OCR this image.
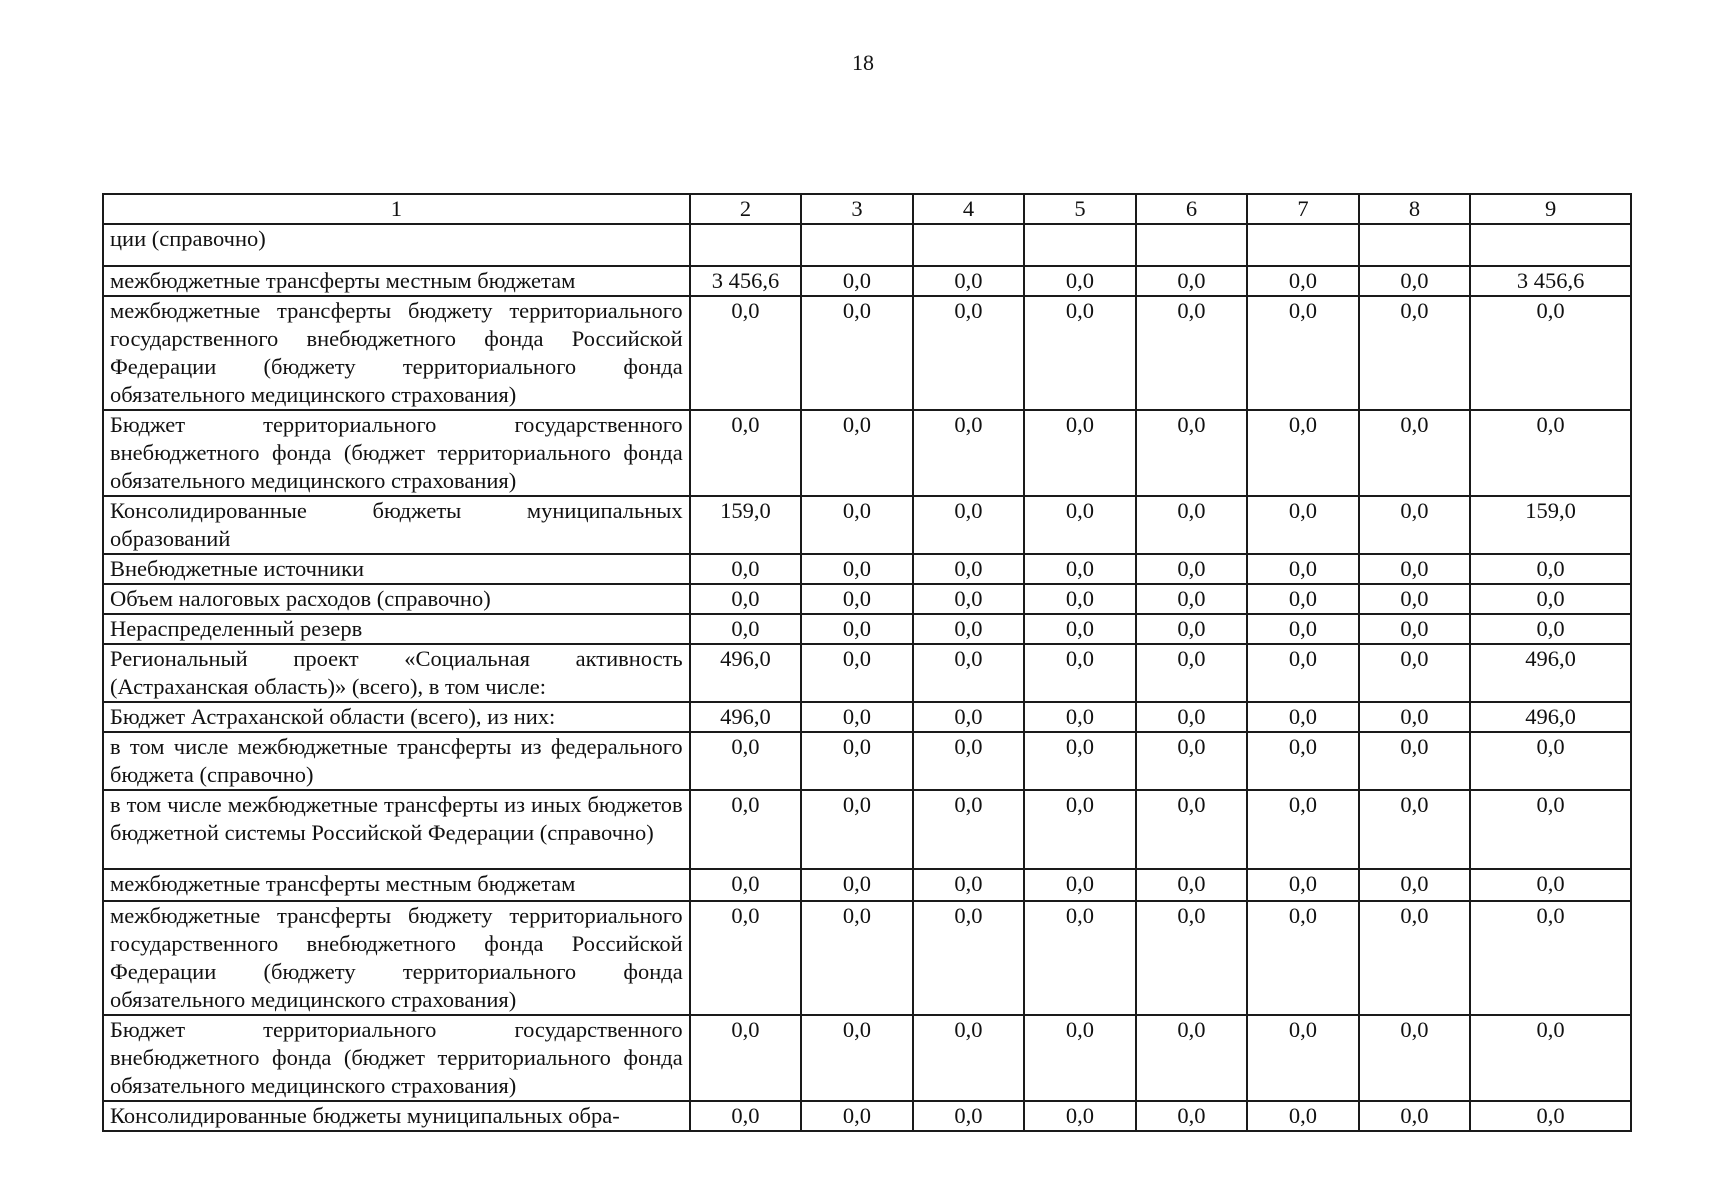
18
1	2	3	4	5	6	7	8	9
ции (справочно)								
межбюджетные трансферты местным бюджетам	3 456,6	0,0	0,0	0,0	0,0	0,0	0,0	3 456,6
межбюджетные трансферты бюджету территориального государственного внебюджетного фонда Российской Федерации (бюджету территориального фонда обязательного медицинского страхования)	0,0	0,0	0,0	0,0	0,0	0,0	0,0	0,0
Бюджет территориального государственного внебюджетного фонда (бюджет территориального фонда обязательного медицинского страхования)	0,0	0,0	0,0	0,0	0,0	0,0	0,0	0,0
Консолидированные бюджеты муниципальных образований	159,0	0,0	0,0	0,0	0,0	0,0	0,0	159,0
Внебюджетные источники	0,0	0,0	0,0	0,0	0,0	0,0	0,0	0,0
Объем налоговых расходов (справочно)	0,0	0,0	0,0	0,0	0,0	0,0	0,0	0,0
Нераспределенный резерв	0,0	0,0	0,0	0,0	0,0	0,0	0,0	0,0
Региональный проект «Социальная активность (Астраханская область)» (всего), в том числе:	496,0	0,0	0,0	0,0	0,0	0,0	0,0	496,0
Бюджет Астраханской области (всего), из них:	496,0	0,0	0,0	0,0	0,0	0,0	0,0	496,0
в том числе межбюджетные трансферты из федерального бюджета (справочно)	0,0	0,0	0,0	0,0	0,0	0,0	0,0	0,0
в том числе межбюджетные трансферты из иных бюджетов бюджетной системы Российской Федерации (справочно)	0,0	0,0	0,0	0,0	0,0	0,0	0,0	0,0
межбюджетные трансферты местным бюджетам	0,0	0,0	0,0	0,0	0,0	0,0	0,0	0,0
межбюджетные трансферты бюджету территориального государственного внебюджетного фонда Российской Федерации (бюджету территориального фонда обязательного медицинского страхования)	0,0	0,0	0,0	0,0	0,0	0,0	0,0	0,0
Бюджет территориального государственного внебюджетного фонда (бюджет территориального фонда обязательного медицинского страхования)	0,0	0,0	0,0	0,0	0,0	0,0	0,0	0,0
Консолидированные бюджеты муниципальных обра-	0,0	0,0	0,0	0,0	0,0	0,0	0,0	0,0
